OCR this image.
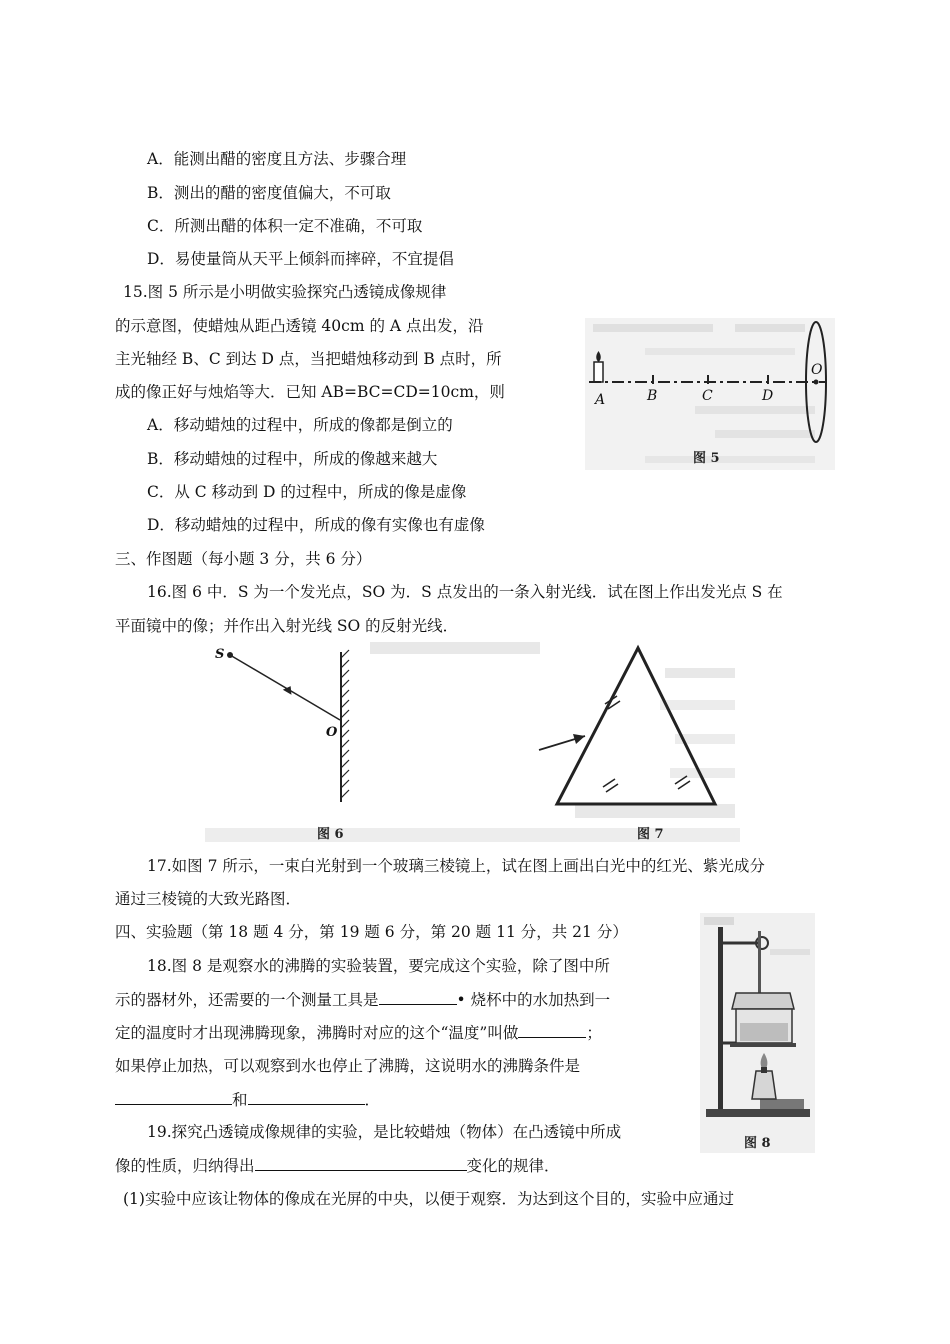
A．能测出醋的密度且方法、步骤合理
B．测出的醋的密度值偏大，不可取
C．所测出醋的体积一定不准确，不可取
D．易使量筒从天平上倾斜而摔碎，不宜提倡
15.图 5 所示是小明做实验探究凸透镜成像规律
的示意图，使蜡烛从距凸透镜 40cm 的 A 点出发，沿
主光轴经 B、C 到达 D 点，当把蜡烛移动到 B 点时，所
成的像正好与烛焰等大．已知 AB=BC=CD=10cm，则
A．移动蜡烛的过程中，所成的像都是倒立的
B．移动蜡烛的过程中，所成的像越来越大
C．从 C 移动到 D 的过程中，所成的像是虚像
D．移动蜡烛的过程中，所成的像有实像也有虚像
A	B	C	D
O
图 5
三、作图题（每小题 3 分，共 6 分）
16.图 6 中．S 为一个发光点，SO 为．S 点发出的一条入射光线．试在图上作出发光点 S 在
平面镜中的像；并作出入射光线 SO 的反射光线．
S
O
图 6	图 7
17.如图 7 所示，一束白光射到一个玻璃三棱镜上，试在图上画出白光中的红光、紫光成分
通过三棱镜的大致光路图．
四、实验题（第 18 题 4 分，第 19 题 6 分，第 20 题 11 分，共 21 分）
18.图 8 是观察水的沸腾的实验装置，要完成这个实验，除了图中所
示的器材外，还需要的一个测量工具是	• 烧杯中的水加热到一
定的温度时才出现沸腾现象，沸腾时对应的这个“温度”叫做	；
如果停止加热，可以观察到水也停止了沸腾，这说明水的沸腾条件是
和	．
图 8
19.探究凸透镜成像规律的实验，是比较蜡烛（物体）在凸透镜中所成
像的性质，归纳得出	变化的规律．
(1)实验中应该让物体的像成在光屏的中央，以便于观察．为达到这个目的，实验中应通过
